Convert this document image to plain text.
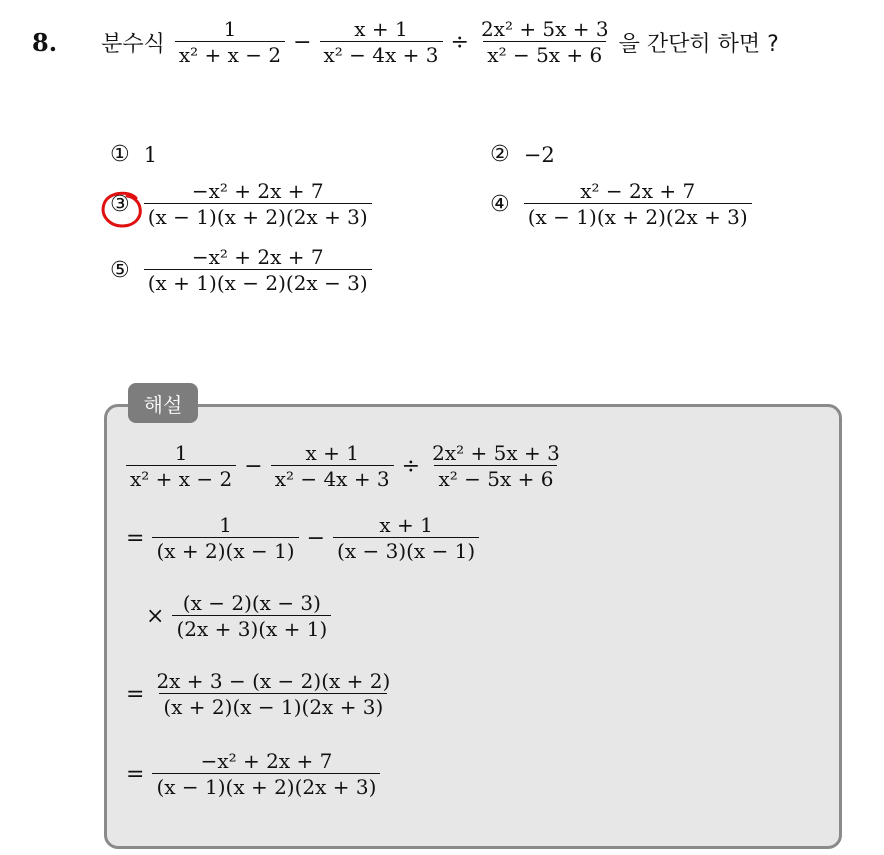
8. 분수식 $\frac{1}{\text{x² + x − 2}} - \frac{x + 1}{\text{x² − 4x + 3}} \div \frac{\text{2x² + 5x + 3}}{\text{x² − 5x + 6}}$ 을 간단히 하면 ?
① 1	② −2
③ $\frac{\text{−x² + 2x + 7}}{(x - 1)(x + 2)(2x + 3)}$	④ $\frac{\text{x² − 2x + 7}}{(x - 1)(x + 2)(2x + 3)}$
⑤ $\frac{\text{−x² + 2x + 7}}{(x + 1)(x - 2)(2x - 3)}$
해설
$\frac{1}{\text{x² + x − 2}} - \frac{x + 1}{\text{x² − 4x + 3}} \div \frac{\text{2x² + 5x + 3}}{\text{x² − 5x + 6}}$
= $\frac{1}{(x + 2)(x - 1)} - \frac{x + 1}{(x - 3)(x - 1)}$
× $\frac{(x - 2)(x - 3)}{(2x + 3)(x + 1)}$
= $\frac{2x + 3 - (x - 2)(x + 2)}{(x + 2)(x - 1)(2x + 3)}$
= $\frac{\text{−x² + 2x + 7}}{(x - 1)(x + 2)(2x + 3)}$
